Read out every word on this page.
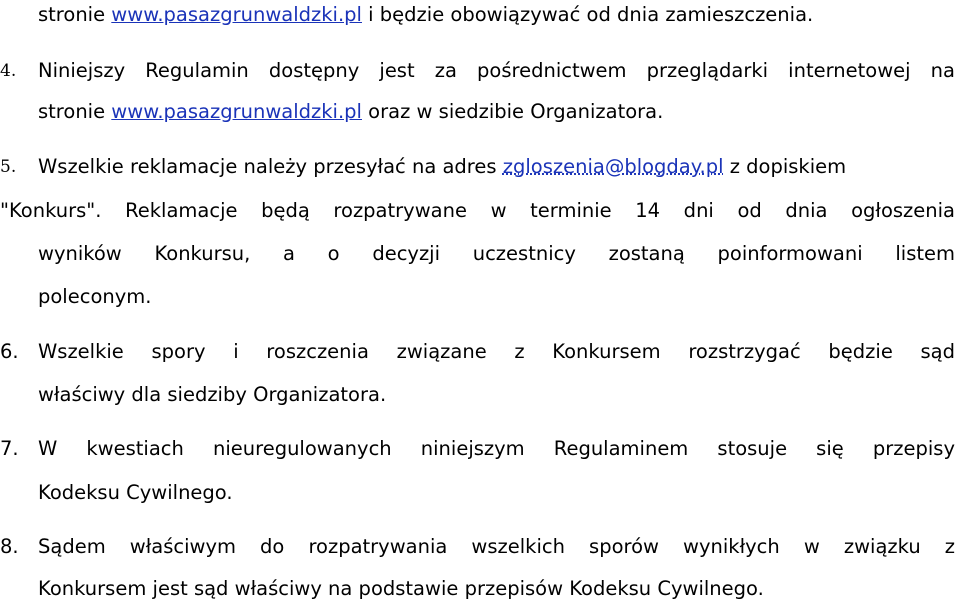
stronie www.pasazgrunwaldzki.pl i będzie obowiązywać od dnia zamieszczenia.
4.	Niniejszy Regulamin dostępny jest za pośrednictwem przeglądarki internetowej na
stronie www.pasazgrunwaldzki.pl oraz w siedzibie Organizatora.
5.	Wszelkie reklamacje należy przesyłać na adres zgloszenia@blogday.pl z dopiskiem
"Konkurs". Reklamacje będą rozpatrywane w terminie 14 dni od dnia ogłoszenia
wyników Konkursu, a o decyzji uczestnicy zostaną poinformowani listem
poleconym.
6. Wszelkie spory i roszczenia związane z Konkursem rozstrzygać będzie sąd
właściwy dla siedziby Organizatora.
7. W kwestiach nieuregulowanych niniejszym Regulaminem stosuje się przepisy
Kodeksu Cywilnego.
8. Sądem właściwym do rozpatrywania wszelkich sporów wynikłych w związku z
Konkursem jest sąd właściwy na podstawie przepisów Kodeksu Cywilnego.
